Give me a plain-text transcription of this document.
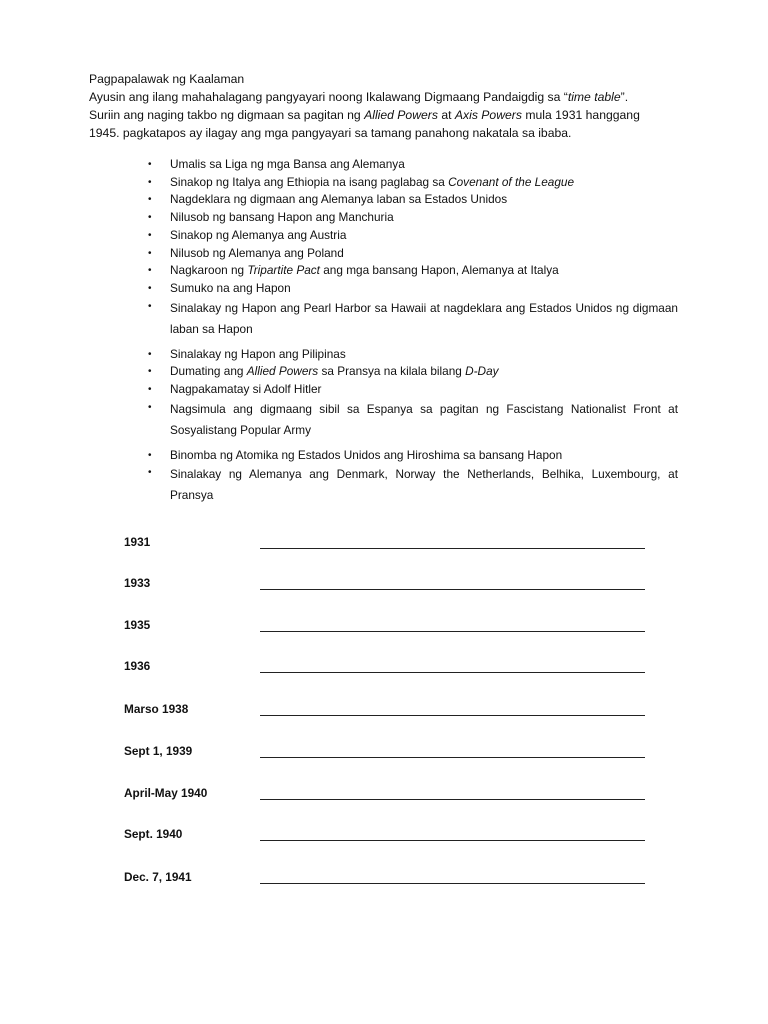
Pagpapalawak ng Kaalaman

Ayusin ang ilang mahahalagang pangyayari noong Ikalawang Digmaang Pandaigdig sa “time table”.

Suriin ang naging takbo ng digmaan sa pagitan ng Allied Powers at Axis Powers mula 1931 hanggang

1945. pagkatapos ay ilagay ang mga pangyayari sa tamang panahong nakatala sa ibaba.

• Umalis sa Liga ng mga Bansa ang Alemanya
• Sinakop ng Italya ang Ethiopia na isang paglabag sa Covenant of the League
• Nagdeklara ng digmaan ang Alemanya laban sa Estados Unidos
• Nilusob ng bansang Hapon ang Manchuria
• Sinakop ng Alemanya ang Austria
• Nilusob ng Alemanya ang Poland
• Nagkaroon ng Tripartite Pact ang mga bansang Hapon, Alemanya at Italya
• Sumuko na ang Hapon
• Sinalakay ng Hapon ang Pearl Harbor sa Hawaii at nagdeklara ang Estados Unidos ng digmaan laban sa Hapon
• Sinalakay ng Hapon ang Pilipinas
• Dumating ang Allied Powers sa Pransya na kilala bilang D-Day
• Nagpakamatay si Adolf Hitler
• Nagsimula ang digmaang sibil sa Espanya sa pagitan ng Fascistang Nationalist Front at Sosyalistang Popular Army
• Binomba ng Atomika ng Estados Unidos ang Hiroshima sa bansang Hapon
• Sinalakay ng Alemanya ang Denmark, Norway the Netherlands, Belhika, Luxembourg, at Pransya
1931
1933
1935
1936
Marso 1938
Sept 1, 1939
April-May 1940
Sept. 1940
Dec. 7, 1941
